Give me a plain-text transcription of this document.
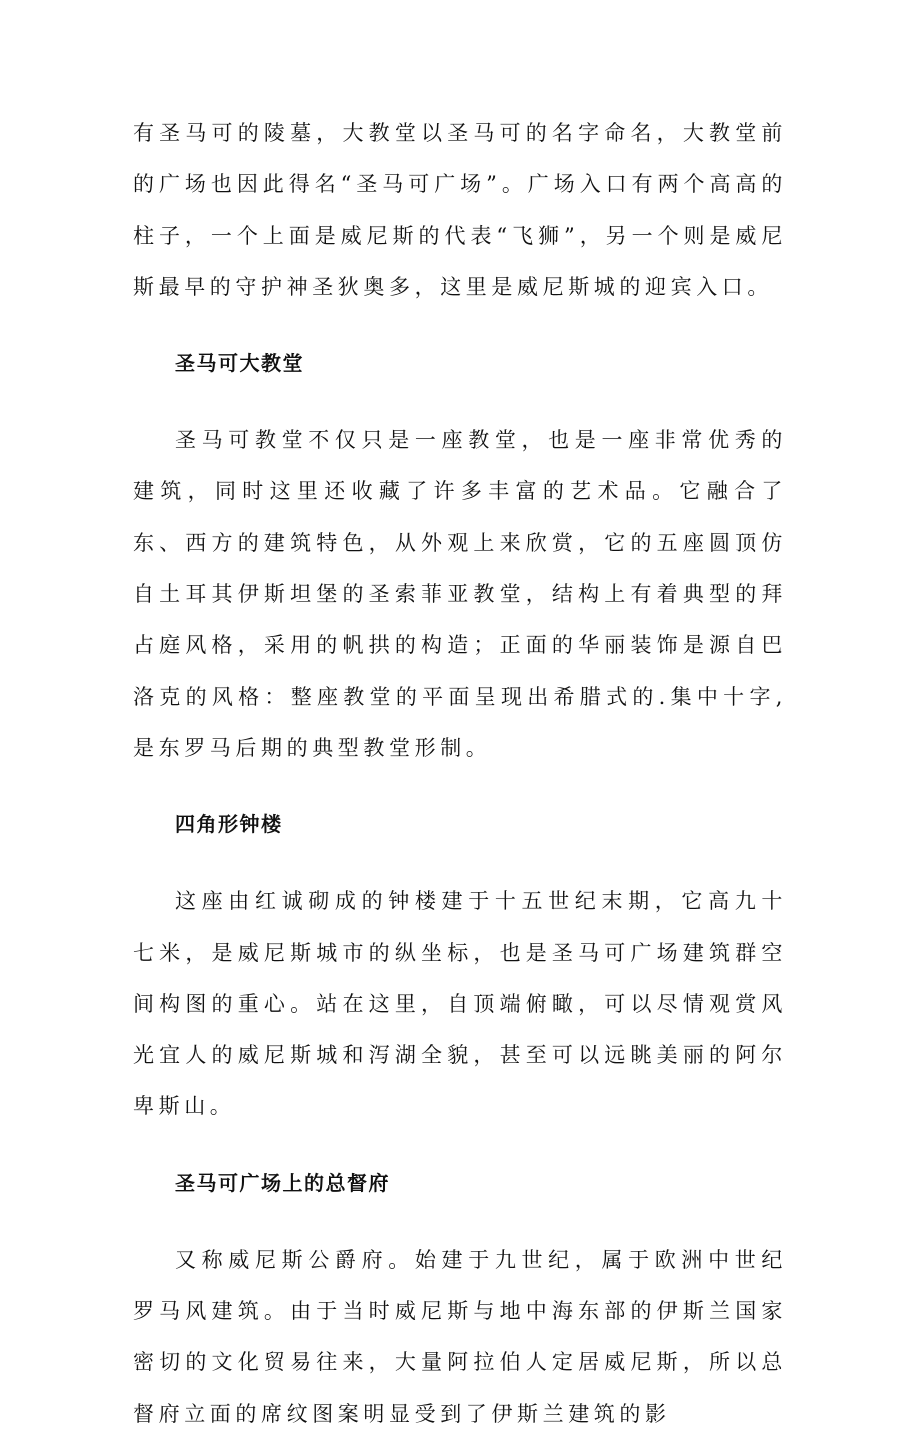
有圣马可的陵墓，大教堂以圣马可的名字命名，大教堂前的广场也因此得名“圣马可广场”。广场入口有两个高高的柱子，一个上面是威尼斯的代表“飞狮”，另一个则是威尼斯最早的守护神圣狄奥多，这里是威尼斯城的迎宾入口。

圣马可大教堂

圣马可教堂不仅只是一座教堂，也是一座非常优秀的建筑，同时这里还收藏了许多丰富的艺术品。它融合了东、西方的建筑特色，从外观上来欣赏，它的五座圆顶仿自土耳其伊斯坦堡的圣索菲亚教堂，结构上有着典型的拜占庭风格，采用的帆拱的构造；正面的华丽装饰是源自巴洛克的风格：整座教堂的平面呈现出希腊式的.集中十字,是东罗马后期的典型教堂形制。

四角形钟楼

这座由红诚砌成的钟楼建于十五世纪末期，它高九十七米，是威尼斯城市的纵坐标，也是圣马可广场建筑群空间构图的重心。站在这里，自顶端俯瞰，可以尽情观赏风光宜人的威尼斯城和泻湖全貌，甚至可以远眺美丽的阿尔卑斯山。

圣马可广场上的总督府

又称威尼斯公爵府。始建于九世纪，属于欧洲中世纪罗马风建筑。由于当时威尼斯与地中海东部的伊斯兰国家密切的文化贸易往来，大量阿拉伯人定居威尼斯，所以总督府立面的席纹图案明显受到了伊斯兰建筑的影
